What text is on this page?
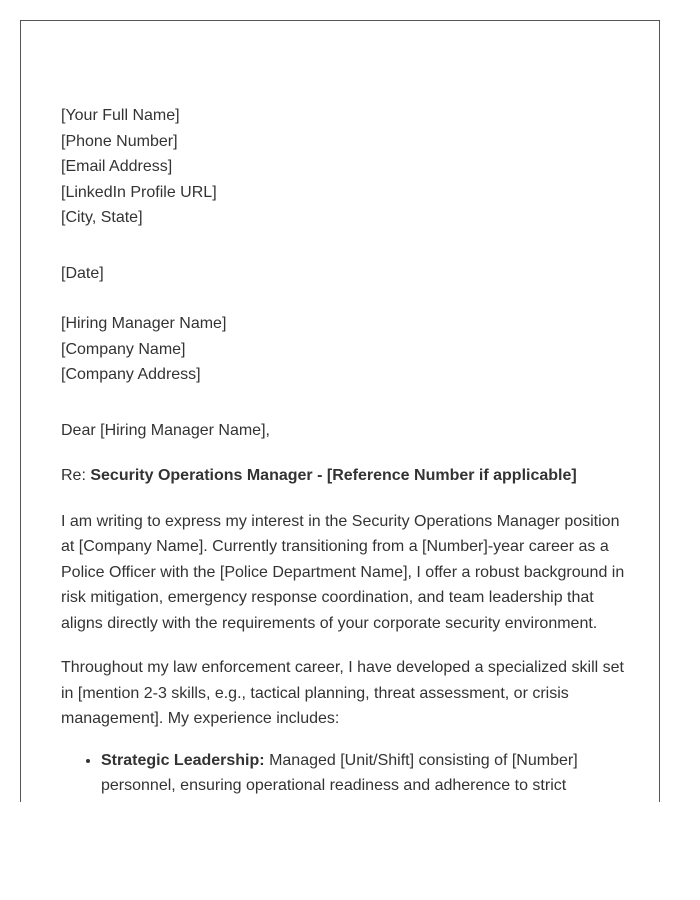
[Your Full Name]
[Phone Number]
[Email Address]
[LinkedIn Profile URL]
[City, State]
[Date]
[Hiring Manager Name]
[Company Name]
[Company Address]
Dear [Hiring Manager Name],
Re: Security Operations Manager - [Reference Number if applicable]

I am writing to express my interest in the Security Operations Manager position at [Company Name]. Currently transitioning from a [Number]-year career as a Police Officer with the [Police Department Name], I offer a robust background in risk mitigation, emergency response coordination, and team leadership that aligns directly with the requirements of your corporate security environment.

Throughout my law enforcement career, I have developed a specialized skill set in [mention 2-3 skills, e.g., tactical planning, threat assessment, or crisis management]. My experience includes:

• Strategic Leadership: Managed [Unit/Shift] consisting of [Number] personnel, ensuring operational readiness and adherence to strict
